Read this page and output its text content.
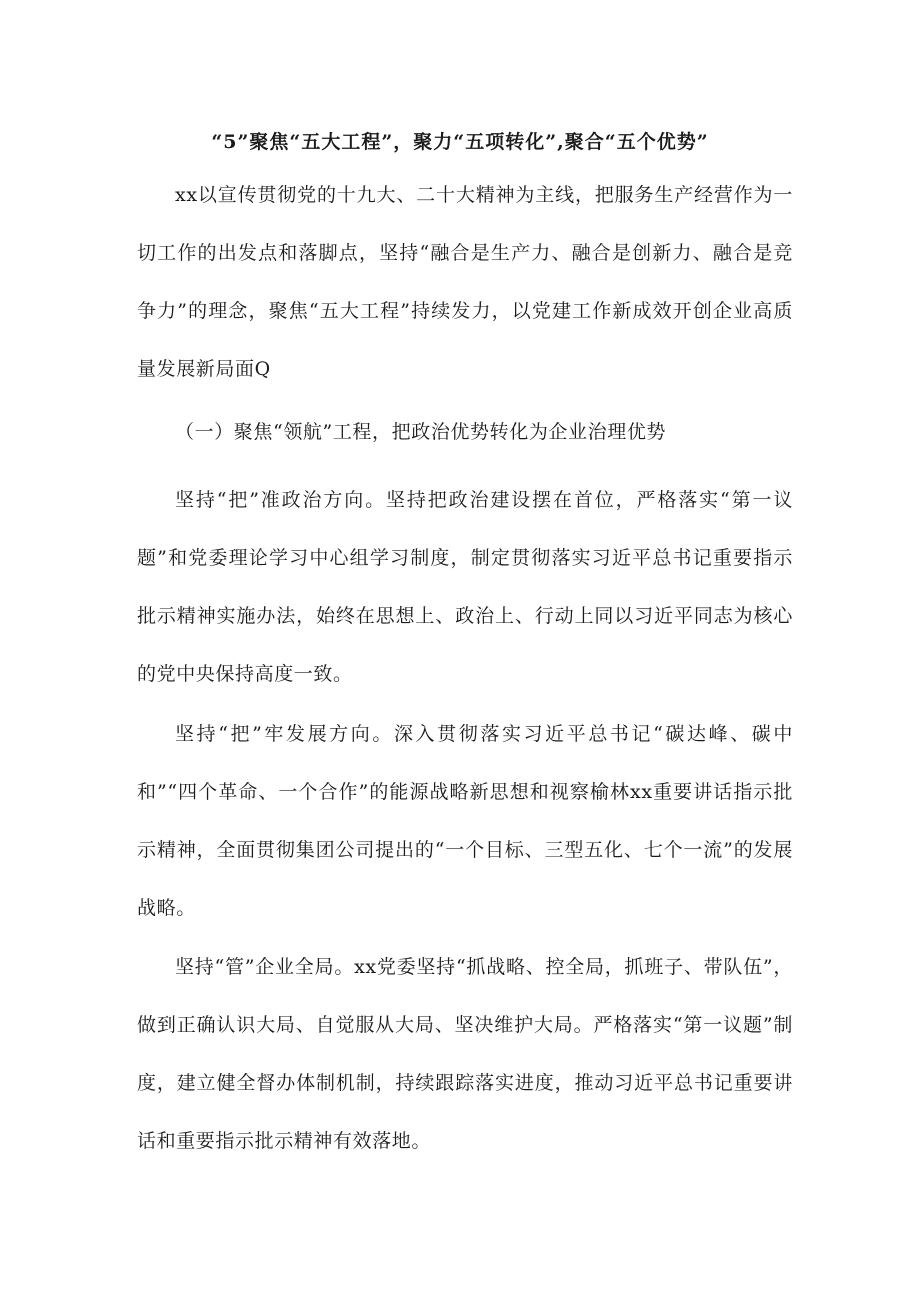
“5”聚焦“五大工程”，聚力“五项转化”,聚合“五个优势”

xx以宣传贯彻党的十九大、二十大精神为主线，把服务生产经营作为一切工作的出发点和落脚点，坚持“融合是生产力、融合是创新力、融合是竞争力”的理念，聚焦“五大工程”持续发力，以党建工作新成效开创企业高质量发展新局面Q

（一）聚焦“领航”工程，把政治优势转化为企业治理优势

坚持“把”准政治方向。坚持把政治建设摆在首位，严格落实“第一议题”和党委理论学习中心组学习制度，制定贯彻落实习近平总书记重要指示批示精神实施办法，始终在思想上、政治上、行动上同以习近平同志为核心的党中央保持高度一致。

坚持“把”牢发展方向。深入贯彻落实习近平总书记“碳达峰、碳中和”“四个革命、一个合作”的能源战略新思想和视察榆林xx重要讲话指示批示精神，全面贯彻集团公司提出的“一个目标、三型五化、七个一流”的发展战略。

坚持“管”企业全局。xx党委坚持“抓战略、控全局，抓班子、带队伍”，做到正确认识大局、自觉服从大局、坚决维护大局。严格落实“第一议题”制度，建立健全督办体制机制，持续跟踪落实进度，推动习近平总书记重要讲话和重要指示批示精神有效落地。
